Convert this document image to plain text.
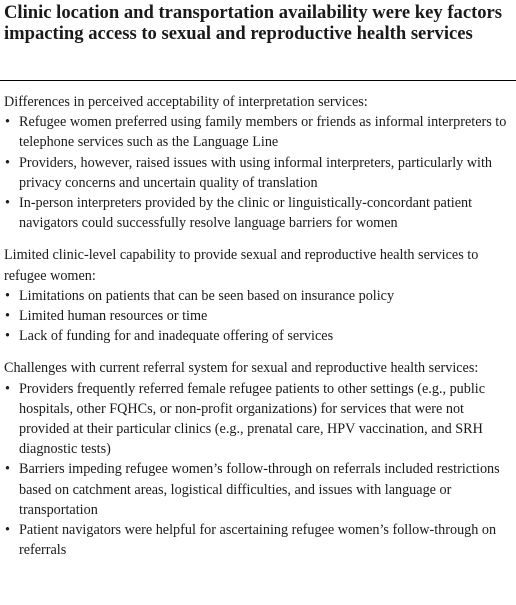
Clinic location and transportation availability were key factors impacting access to sexual and reproductive health services

Differences in perceived acceptability of interpretation services:

• Refugee women preferred using family members or friends as informal interpreters to telephone services such as the Language Line
• Providers, however, raised issues with using informal interpreters, particularly with privacy concerns and uncertain quality of translation
• In-person interpreters provided by the clinic or linguistically-concordant patient navigators could successfully resolve language barriers for women

Limited clinic-level capability to provide sexual and reproductive health services to refugee women:

• Limitations on patients that can be seen based on insurance policy
• Limited human resources or time
• Lack of funding for and inadequate offering of services

Challenges with current referral system for sexual and reproductive health services:

• Providers frequently referred female refugee patients to other settings (e.g., public hospitals, other FQHCs, or non-profit organizations) for services that were not provided at their particular clinics (e.g., prenatal care, HPV vaccination, and SRH diagnostic tests)
• Barriers impeding refugee women’s follow-through on referrals included restrictions based on catchment areas, logistical difficulties, and issues with language or transportation
• Patient navigators were helpful for ascertaining refugee women’s follow-through on referrals
